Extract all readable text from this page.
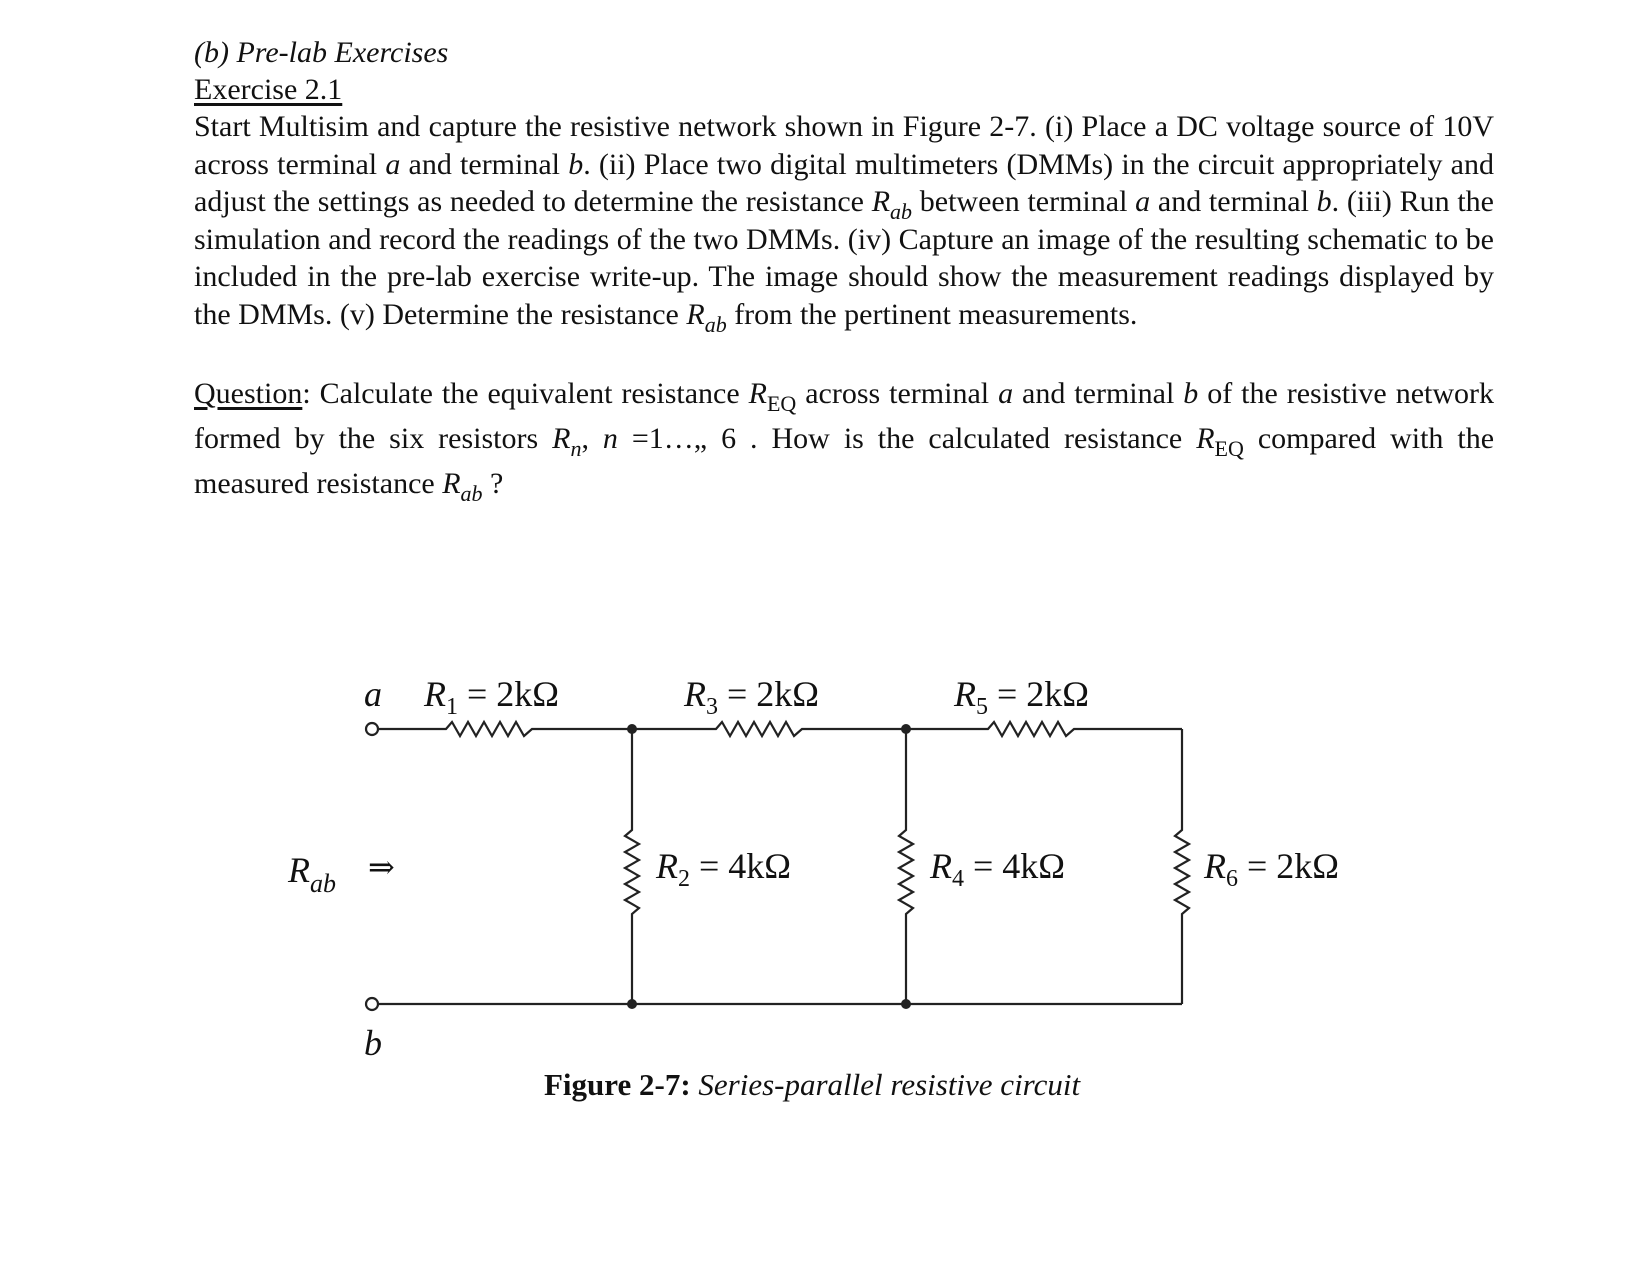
(b) Pre-lab Exercises

Exercise 2.1

Start Multisim and capture the resistive network shown in Figure 2-7. (i) Place a DC voltage source of 10V across terminal a and terminal b. (ii) Place two digital multimeters (DMMs) in the circuit appropriately and adjust the settings as needed to determine the resistance $R_{ab}$ between terminal a and terminal b. (iii) Run the simulation and record the readings of the two DMMs. (iv) Capture an image of the resulting schematic to be included in the pre-lab exercise write-up. The image should show the measurement readings displayed by the DMMs. (v) Determine the resistance $R_{ab}$ from the pertinent measurements.

Question: Calculate the equivalent resistance $R_{EQ}$ across terminal a and terminal b of the resistive network formed by the six resistors $R_n$, n =1…„ 6 . How is the calculated resistance $R_{EQ}$ compared with the measured resistance $R_{ab}$ ?

a
b
$R_{ab}$ ⇒
$R_1 = 2k\Omega$	$R_3 = 2k\Omega$	$R_5 = 2k\Omega$
$R_2 = 4k\Omega$	$R_4 = 4k\Omega$	$R_6 = 2k\Omega$
Figure 2-7: Series-parallel resistive circuit
